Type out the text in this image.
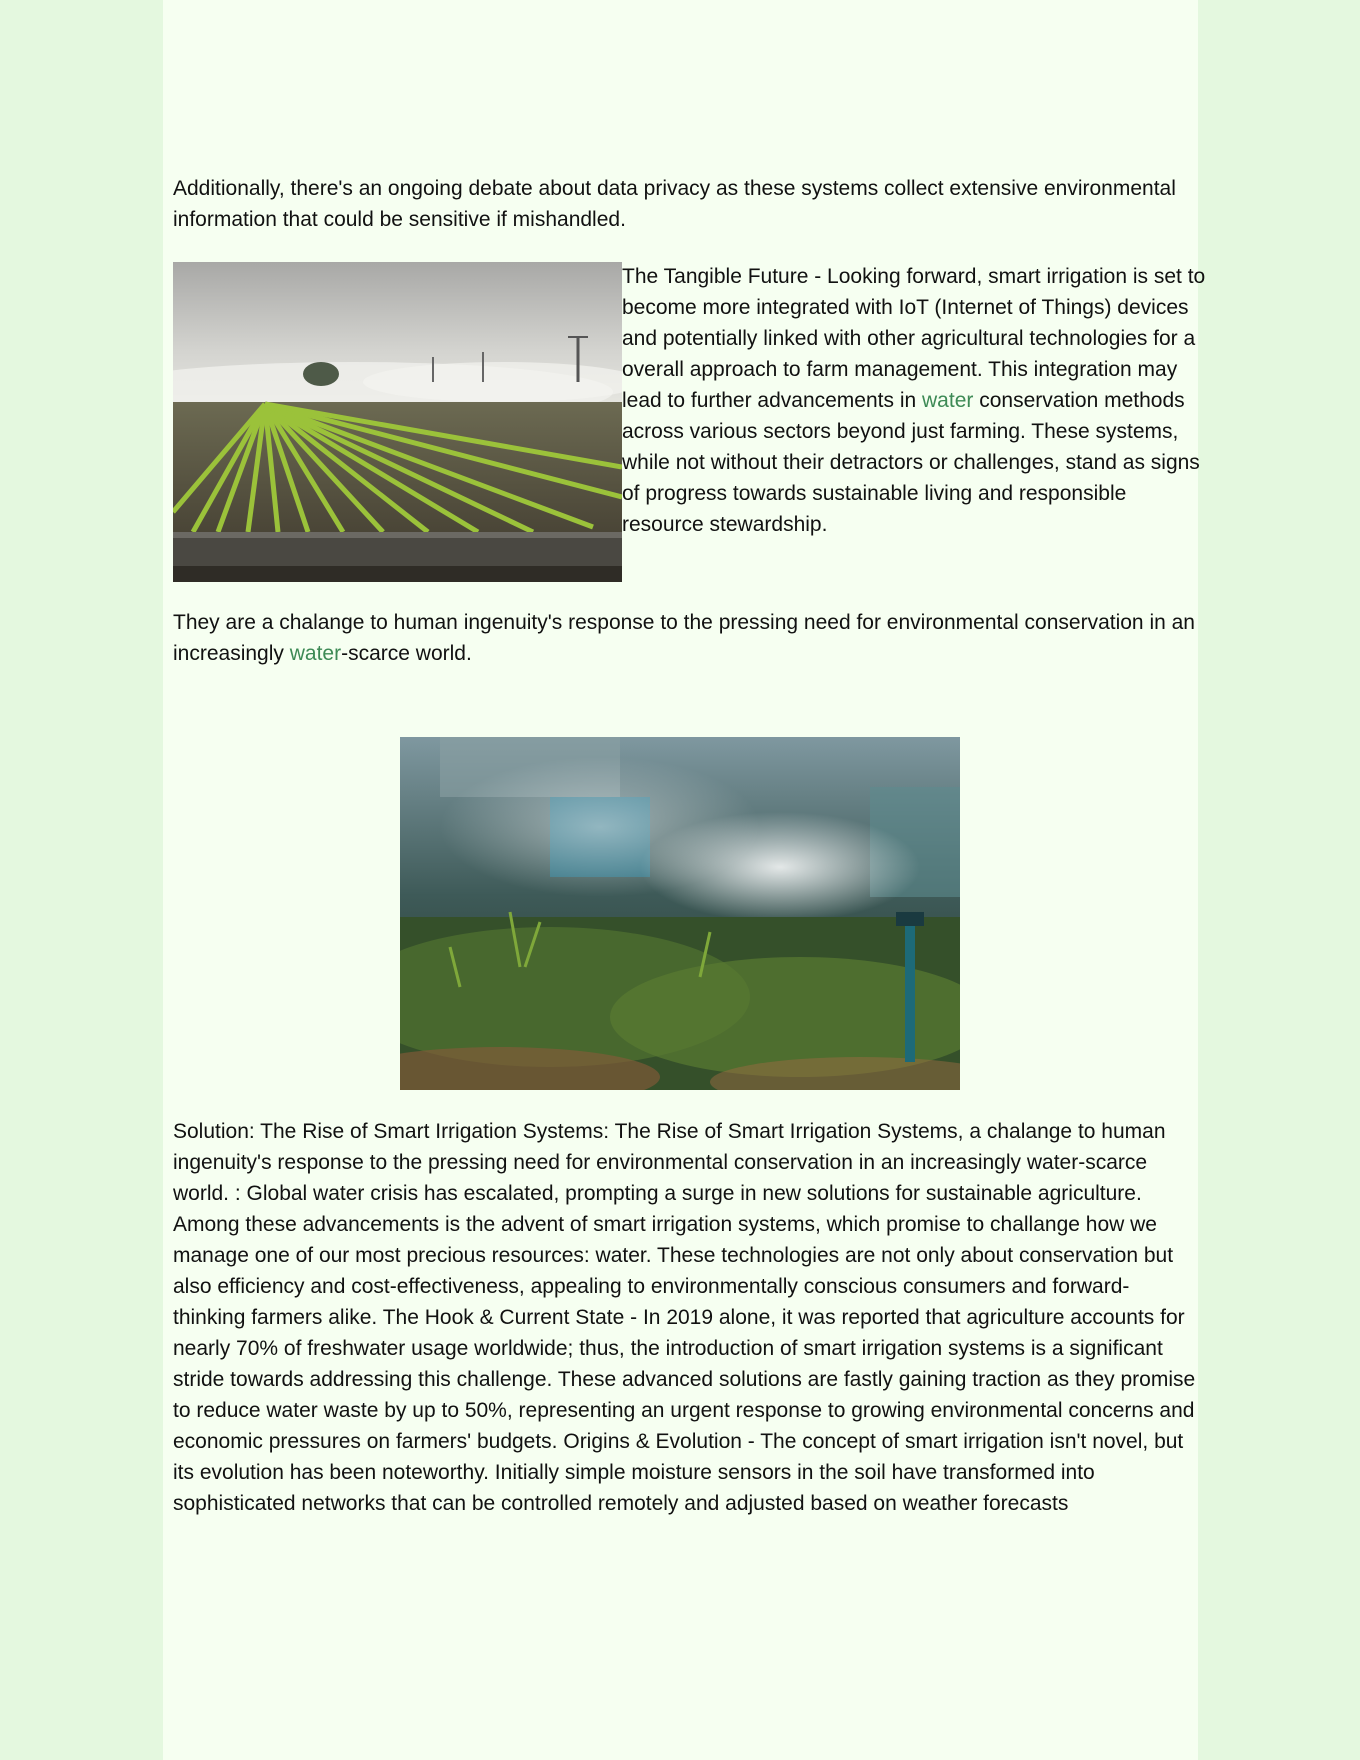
Additionally, there's an ongoing debate about data privacy as these systems collect extensive environmental information that could be sensitive if mishandled.

The Tangible Future - Looking forward, smart irrigation is set to become more integrated with IoT (Internet of Things) devices and potentially linked with other agricultural technologies for a overall approach to farm management. This integration may lead to further advancements in water conservation methods across various sectors beyond just farming. These systems, while not without their detractors or challenges, stand as signs of progress towards sustainable living and responsible resource stewardship.

They are a chalange to human ingenuity's response to the pressing need for environmental conservation in an increasingly water-scarce world.

Solution: The Rise of Smart Irrigation Systems: The Rise of Smart Irrigation Systems, a chalange to human ingenuity's response to the pressing need for environmental conservation in an increasingly water-scarce world. : Global water crisis has escalated, prompting a surge in new solutions for sustainable agriculture. Among these advancements is the advent of smart irrigation systems, which promise to challange how we manage one of our most precious resources: water. These technologies are not only about conservation but also efficiency and cost-effectiveness, appealing to environmentally conscious consumers and forward-thinking farmers alike. The Hook & Current State - In 2019 alone, it was reported that agriculture accounts for nearly 70% of freshwater usage worldwide; thus, the introduction of smart irrigation systems is a significant stride towards addressing this challenge. These advanced solutions are fastly gaining traction as they promise to reduce water waste by up to 50%, representing an urgent response to growing environmental concerns and economic pressures on farmers' budgets. Origins & Evolution - The concept of smart irrigation isn't novel, but its evolution has been noteworthy. Initially simple moisture sensors in the soil have transformed into sophisticated networks that can be controlled remotely and adjusted based on weather forecasts
